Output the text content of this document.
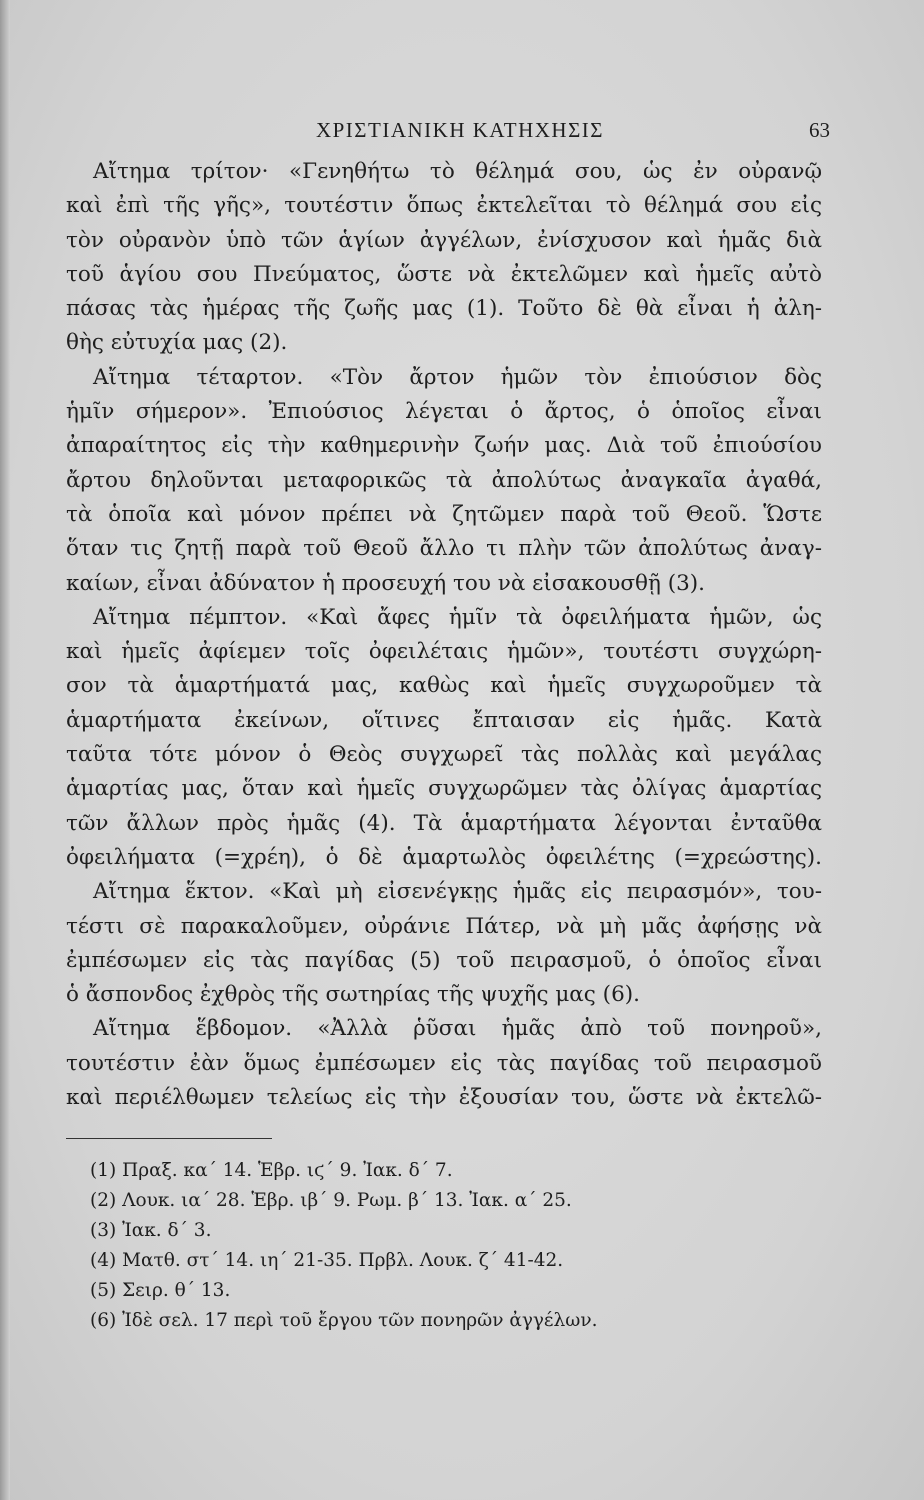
ΧΡΙΣΤΙΑΝΙΚΗ ΚΑΤΗΧΗΣΙΣ	63
Αἴτημα τρίτον· «Γενηθήτω τὸ θέλημά σου, ὡς ἐν οὐρανῷ
καὶ ἐπὶ τῆς γῆς», τουτέστιν ὅπως ἐκτελεῖται τὸ θέλημά σου εἰς
τὸν οὐρανὸν ὑπὸ τῶν ἁγίων ἀγγέλων, ἐνίσχυσον καὶ ἡμᾶς διὰ
τοῦ ἁγίου σου Πνεύματος, ὥστε νὰ ἐκτελῶμεν καὶ ἡμεῖς αὐτὸ
πάσας τὰς ἡμέρας τῆς ζωῆς μας (1). Τοῦτο δὲ θὰ εἶναι ἡ ἀλη-
θὴς εὐτυχία μας (2).
Αἴτημα τέταρτον. «Τὸν ἄρτον ἡμῶν τὸν ἐπιούσιον δὸς
ἡμῖν σήμερον». Ἐπιούσιος λέγεται ὁ ἄρτος, ὁ ὁποῖος εἶναι
ἀπαραίτητος εἰς τὴν καθημερινὴν ζωήν μας. Διὰ τοῦ ἐπιούσίου
ἄρτου δηλοῦνται μεταφορικῶς τὰ ἀπολύτως ἀναγκαῖα ἀγαθά,
τὰ ὁποῖα καὶ μόνον πρέπει νὰ ζητῶμεν παρὰ τοῦ Θεοῦ. Ὥστε
ὅταν τις ζητῇ παρὰ τοῦ Θεοῦ ἄλλο τι πλὴν τῶν ἀπολύτως ἀναγ-
καίων, εἶναι ἀδύνατον ἡ προσευχή του νὰ εἰσακουσθῇ (3).
Αἴτημα πέμπτον. «Καὶ ἄφες ἡμῖν τὰ ὀφειλήματα ἡμῶν, ὡς
καὶ ἡμεῖς ἀφίεμεν τοῖς ὀφειλέταις ἡμῶν», τουτέστι συγχώρη-
σον τὰ ἁμαρτήματά μας, καθὼς καὶ ἡμεῖς συγχωροῦμεν τὰ
ἁμαρτήματα ἐκείνων, οἵτινες ἔπταισαν εἰς ἡμᾶς. Κατὰ
ταῦτα τότε μόνον ὁ Θεὸς συγχωρεῖ τὰς πολλὰς καὶ μεγάλας
ἁμαρτίας μας, ὅταν καὶ ἡμεῖς συγχωρῶμεν τὰς ὀλίγας ἁμαρτίας
τῶν ἄλλων πρὸς ἡμᾶς (4). Τὰ ἁμαρτήματα λέγονται ἐνταῦθα
ὀφειλήματα (=χρέη), ὁ δὲ ἁμαρτωλὸς ὀφειλέτης (=χρεώστης).
Αἴτημα ἕκτον. «Καὶ μὴ εἰσενέγκῃς ἡμᾶς εἰς πειρασμόν», του-
τέστι σὲ παρακαλοῦμεν, οὐράνιε Πάτερ, νὰ μὴ μᾶς ἀφήσῃς νὰ
ἐμπέσωμεν εἰς τὰς παγίδας (5) τοῦ πειρασμοῦ, ὁ ὁποῖος εἶναι
ὁ ἄσπονδος ἐχθρὸς τῆς σωτηρίας τῆς ψυχῆς μας (6).
Αἴτημα ἕβδομον. «Ἀλλὰ ῥῦσαι ἡμᾶς ἀπὸ τοῦ πονηροῦ»,
τουτέστιν ἐὰν ὅμως ἐμπέσωμεν εἰς τὰς παγίδας τοῦ πειρασμοῦ
καὶ περιέλθωμεν τελείως εἰς τὴν ἐξουσίαν του, ὥστε νὰ ἐκτελῶ-
(1) Πραξ. κα΄ 14. Ἑβρ. ιϛ΄ 9. Ἰακ. δ΄ 7.
(2) Λουκ. ια΄ 28. Ἑβρ. ιβ΄ 9. Ρωμ. β΄ 13. Ἰακ. α΄ 25.
(3) Ἰακ. δ΄ 3.
(4) Ματθ. στ΄ 14. ιη΄ 21-35. Πρβλ. Λουκ. ζ΄ 41-42.
(5) Σειρ. θ΄ 13.
(6) Ἰδὲ σελ. 17 περὶ τοῦ ἔργου τῶν πονηρῶν ἀγγέλων.
